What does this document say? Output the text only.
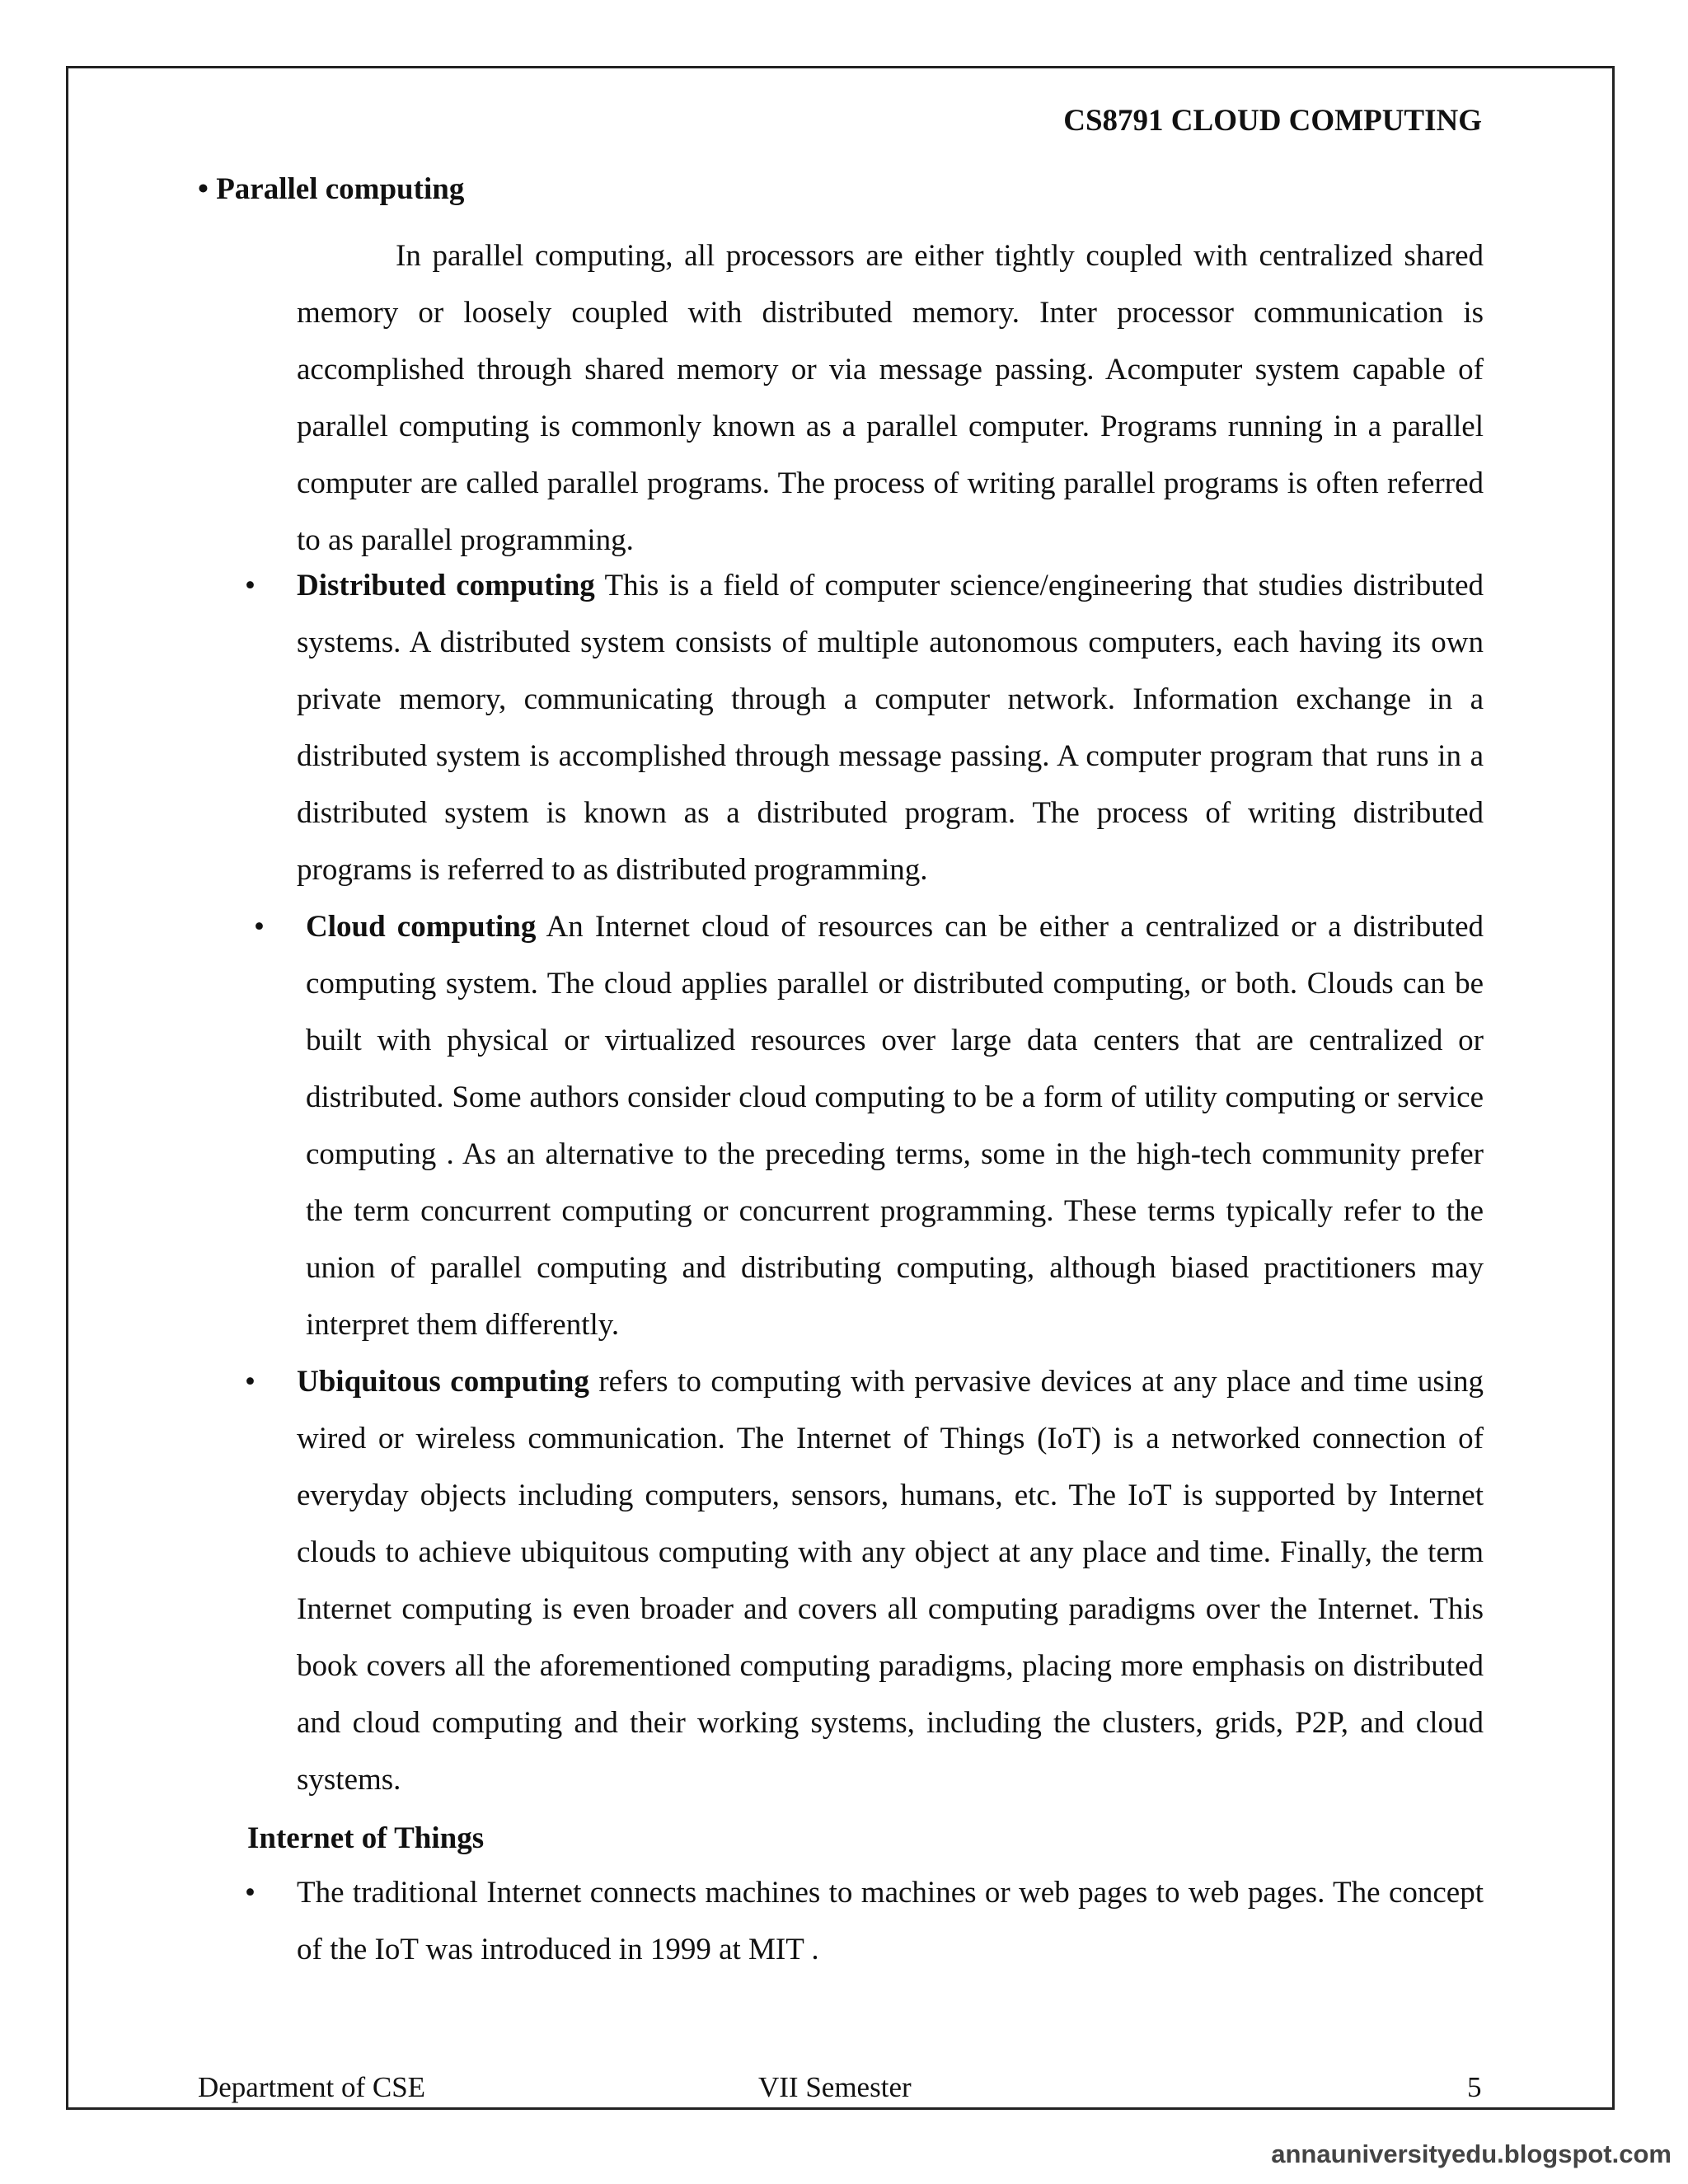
CS8791 CLOUD COMPUTING
• Parallel computing
In parallel computing, all processors are either tightly coupled with centralized shared memory or loosely coupled with distributed memory. Inter processor communication is accomplished through shared memory or via message passing. Acomputer system capable of parallel computing is commonly known as a parallel computer. Programs running in a parallel computer are called parallel programs. The process of writing parallel programs is often referred to as parallel programming.
• Distributed computing This is a field of computer science/engineering that studies distributed systems. A distributed system consists of multiple autonomous computers, each having its own private memory, communicating through a computer network. Information exchange in a distributed system is accomplished through message passing. A computer program that runs in a distributed system is known as a distributed program. The process of writing distributed programs is referred to as distributed programming.
• Cloud computing An Internet cloud of resources can be either a centralized or a distributed computing system. The cloud applies parallel or distributed computing, or both. Clouds can be built with physical or virtualized resources over large data centers that are centralized or distributed. Some authors consider cloud computing to be a form of utility computing or service computing . As an alternative to the preceding terms, some in the high-tech community prefer the term concurrent computing or concurrent programming. These terms typically refer to the union of parallel computing and distributing computing, although biased practitioners may interpret them differently.
• Ubiquitous computing refers to computing with pervasive devices at any place and time using wired or wireless communication. The Internet of Things (IoT) is a networked connection of everyday objects including computers, sensors, humans, etc. The IoT is supported by Internet clouds to achieve ubiquitous computing with any object at any place and time. Finally, the term Internet computing is even broader and covers all computing paradigms over the Internet. This book covers all the aforementioned computing paradigms, placing more emphasis on distributed and cloud computing and their working systems, including the clusters, grids, P2P, and cloud systems.
Internet of Things
• The traditional Internet connects machines to machines or web pages to web pages. The concept of the IoT was introduced in 1999 at MIT .
Department of CSE	VII Semester	5
annauniversityedu.blogspot.com
